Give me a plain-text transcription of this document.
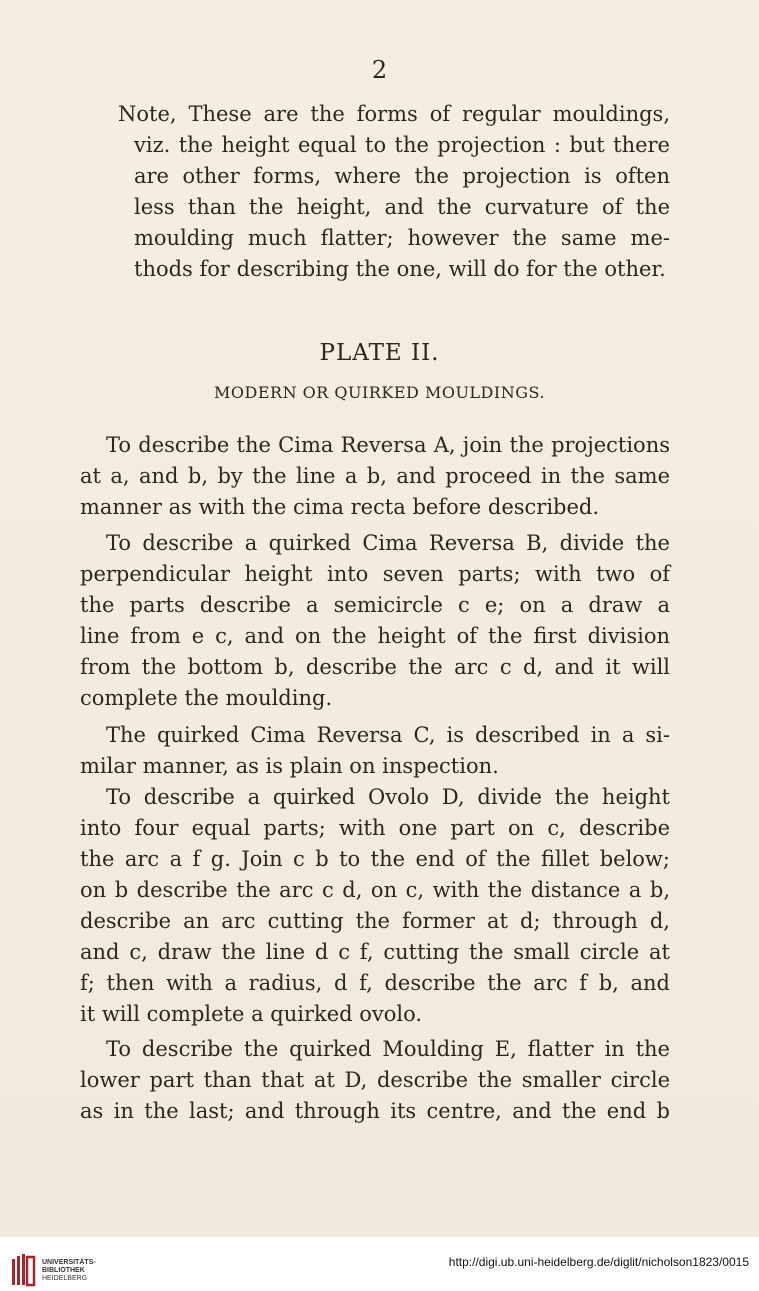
2
Note, These are the forms of regular mouldings,
viz. the height equal to the projection : but there
are other forms, where the projection is often
less than the height, and the curvature of the
moulding much flatter; however the same me-
thods for describing the one, will do for the other.
PLATE II.
MODERN OR QUIRKED MOULDINGS.
To describe the Cima Reversa A, join the projections
at a, and b, by the line a b, and proceed in the same
manner as with the cima recta before described.
To describe a quirked Cima Reversa B, divide the
perpendicular height into seven parts; with two of
the parts describe a semicircle c e; on a draw a
line from e c, and on the height of the first division
from the bottom b, describe the arc c d, and it will
complete the moulding.
The quirked Cima Reversa C, is described in a si-
milar manner, as is plain on inspection.
To describe a quirked Ovolo D, divide the height
into four equal parts; with one part on c, describe
the arc a f g. Join c b to the end of the fillet below;
on b describe the arc c d, on c, with the distance a b,
describe an arc cutting the former at d; through d,
and c, draw the line d c f, cutting the small circle at
f; then with a radius, d f, describe the arc f b, and
it will complete a quirked ovolo.
To describe the quirked Moulding E, flatter in the
lower part than that at D, describe the smaller circle
as in the last; and through its centre, and the end b
UNIVERSITÄTS-
BIBLIOTHEK
HEIDELBERG
http://digi.ub.uni-heidelberg.de/diglit/nicholson1823/0015
